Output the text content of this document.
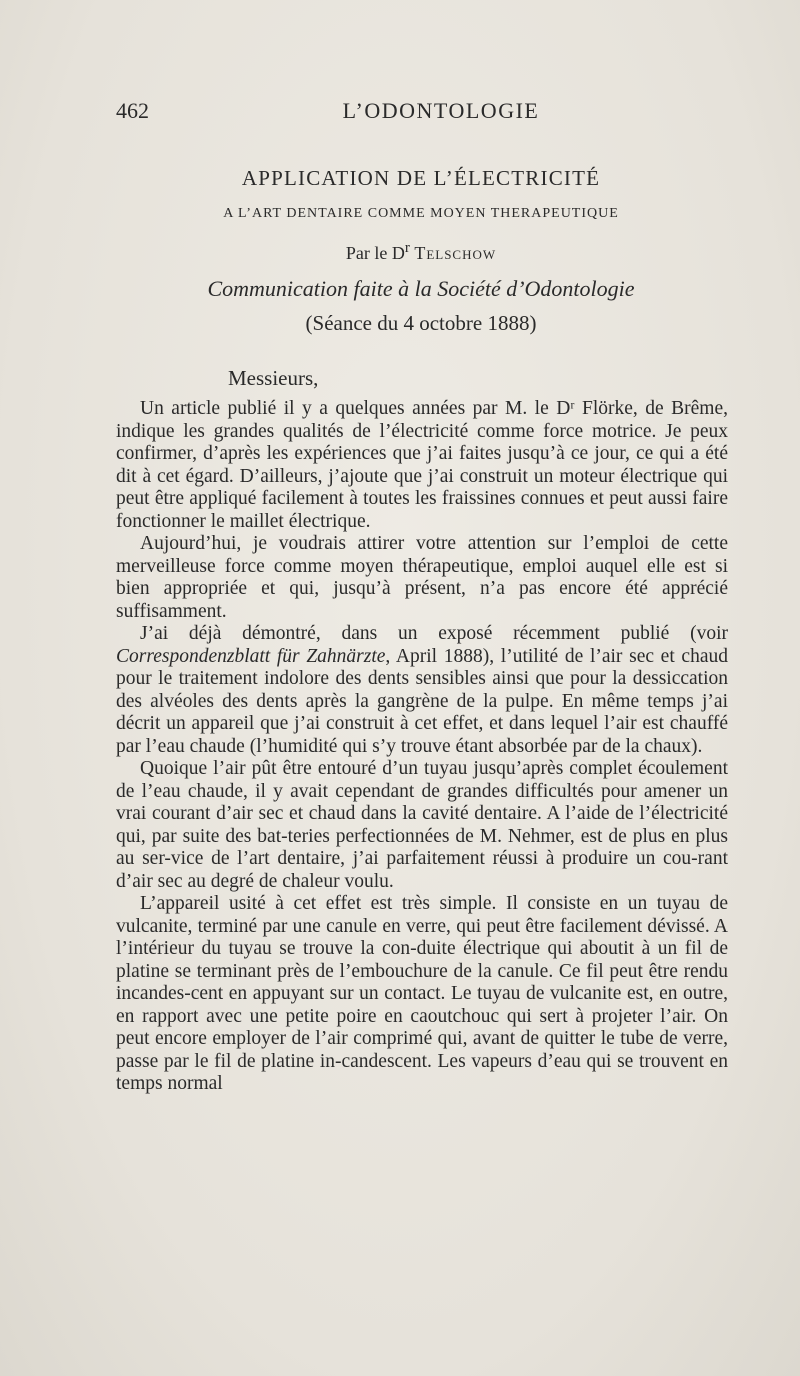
462	L’ODONTOLOGIE
APPLICATION DE L’ÉLECTRICITÉ
A L’ART DENTAIRE COMME MOYEN THERAPEUTIQUE
Par le $D^r$ Telschow
Communication faite à la Société d’Odontologie
(Séance du 4 octobre 1888)
Messieurs,

Un article publié il y a quelques années par M. le Dʳ Flörke, de Brême, indique les grandes qualités de l’électricité comme force motrice. Je peux confirmer, d’après les expériences que j’ai faites jusqu’à ce jour, ce qui a été dit à cet égard. D’ailleurs, j’ajoute que j’ai construit un moteur électrique qui peut être appliqué facilement à toutes les fraissines connues et peut aussi faire fonctionner le maillet électrique.

Aujourd’hui, je voudrais attirer votre attention sur l’emploi de cette merveilleuse force comme moyen thérapeutique, emploi auquel elle est si bien appropriée et qui, jusqu’à présent, n’a pas encore été apprécié suffisamment.

J’ai déjà démontré, dans un exposé récemment publié (voir Correspondenzblatt für Zahnärzte, April 1888), l’utilité de l’air sec et chaud pour le traitement indolore des dents sensibles ainsi que pour la dessiccation des alvéoles des dents après la gangrène de la pulpe. En même temps j’ai décrit un appareil que j’ai construit à cet effet, et dans lequel l’air est chauffé par l’eau chaude (l’humidité qui s’y trouve étant absorbée par de la chaux).

Quoique l’air pût être entouré d’un tuyau jusqu’après complet écoulement de l’eau chaude, il y avait cependant de grandes difficultés pour amener un vrai courant d’air sec et chaud dans la cavité dentaire. A l’aide de l’électricité qui, par suite des bat-teries perfectionnées de M. Nehmer, est de plus en plus au ser-vice de l’art dentaire, j’ai parfaitement réussi à produire un cou-rant d’air sec au degré de chaleur voulu.

L’appareil usité à cet effet est très simple. Il consiste en un tuyau de vulcanite, terminé par une canule en verre, qui peut être facilement dévissé. A l’intérieur du tuyau se trouve la con-duite électrique qui aboutit à un fil de platine se terminant près de l’embouchure de la canule. Ce fil peut être rendu incandes-cent en appuyant sur un contact. Le tuyau de vulcanite est, en outre, en rapport avec une petite poire en caoutchouc qui sert à projeter l’air. On peut encore employer de l’air comprimé qui, avant de quitter le tube de verre, passe par le fil de platine in-candescent. Les vapeurs d’eau qui se trouvent en temps normal
